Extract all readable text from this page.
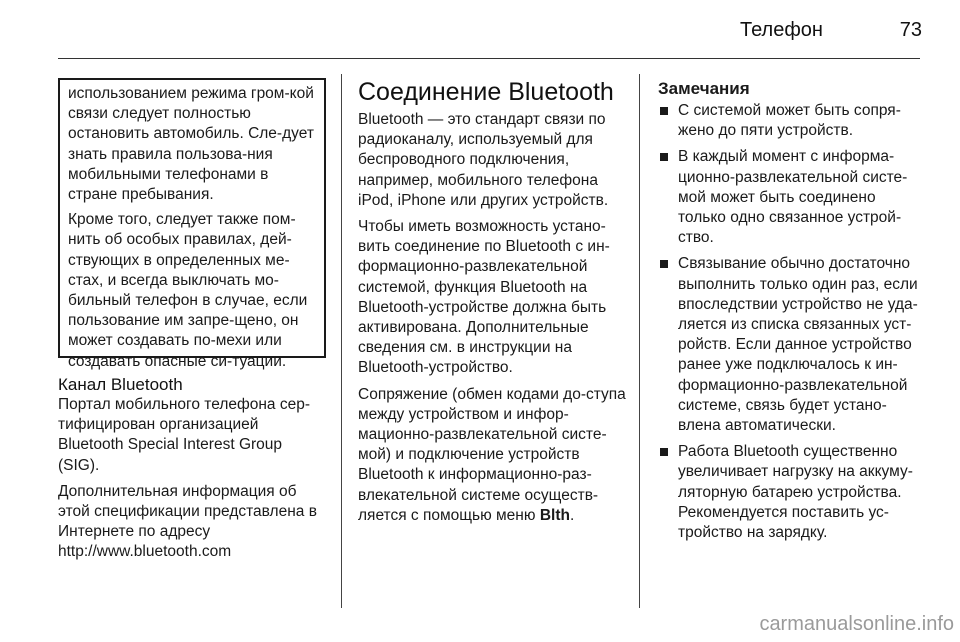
Телефон	73

использованием режима гром-кой связи следует полностью остановить автомобиль. Сле-дует знать правила пользова-ния мобильными телефонами в стране пребывания.

Кроме того, следует также пом-нить об особых правилах, дей-ствующих в определенных ме-стах, и всегда выключать мо-бильный телефон в случае, если пользование им запре-щено, он может создавать по-мехи или создавать опасные си-туации.

Канал Bluetooth

Портал мобильного телефона сер-тифицирован организацией Bluetooth Special Interest Group (SIG).

Дополнительная информация об этой спецификации представлена в Интернете по адресу

http://www.bluetooth.com

Соединение Bluetooth

Bluetooth — это стандарт связи по радиоканалу, используемый для беспроводного подключения, например, мобильного телефона iPod, iPhone или других устройств.

Чтобы иметь возможность устано-вить соединение по Bluetooth с ин-формационно-развлекательной системой, функция Bluetooth на Bluetooth-устройстве должна быть активирована. Дополнительные сведения см. в инструкции на Bluetooth-устройство.

Сопряжение (обмен кодами до-ступа между устройством и инфор-мационно-развлекательной систе-мой) и подключение устройств Bluetooth к информационно-раз-влекательной системе осуществ-ляется с помощью меню Blth.

Замечания
С системой может быть сопря-жено до пяти устройств.
В каждый момент с информа-ционно-развлекательной систе-мой может быть соединено только одно связанное устрой-ство.
Связывание обычно достаточно выполнить только один раз, если впоследствии устройство не уда-ляется из списка связанных уст-ройств. Если данное устройство ранее уже подключалось к ин-формационно-развлекательной системе, связь будет устано-влена автоматически.
Работа Bluetooth существенно увеличивает нагрузку на аккуму-ляторную батарею устройства. Рекомендуется поставить ус-тройство на зарядку.
carmanualsonline.info
